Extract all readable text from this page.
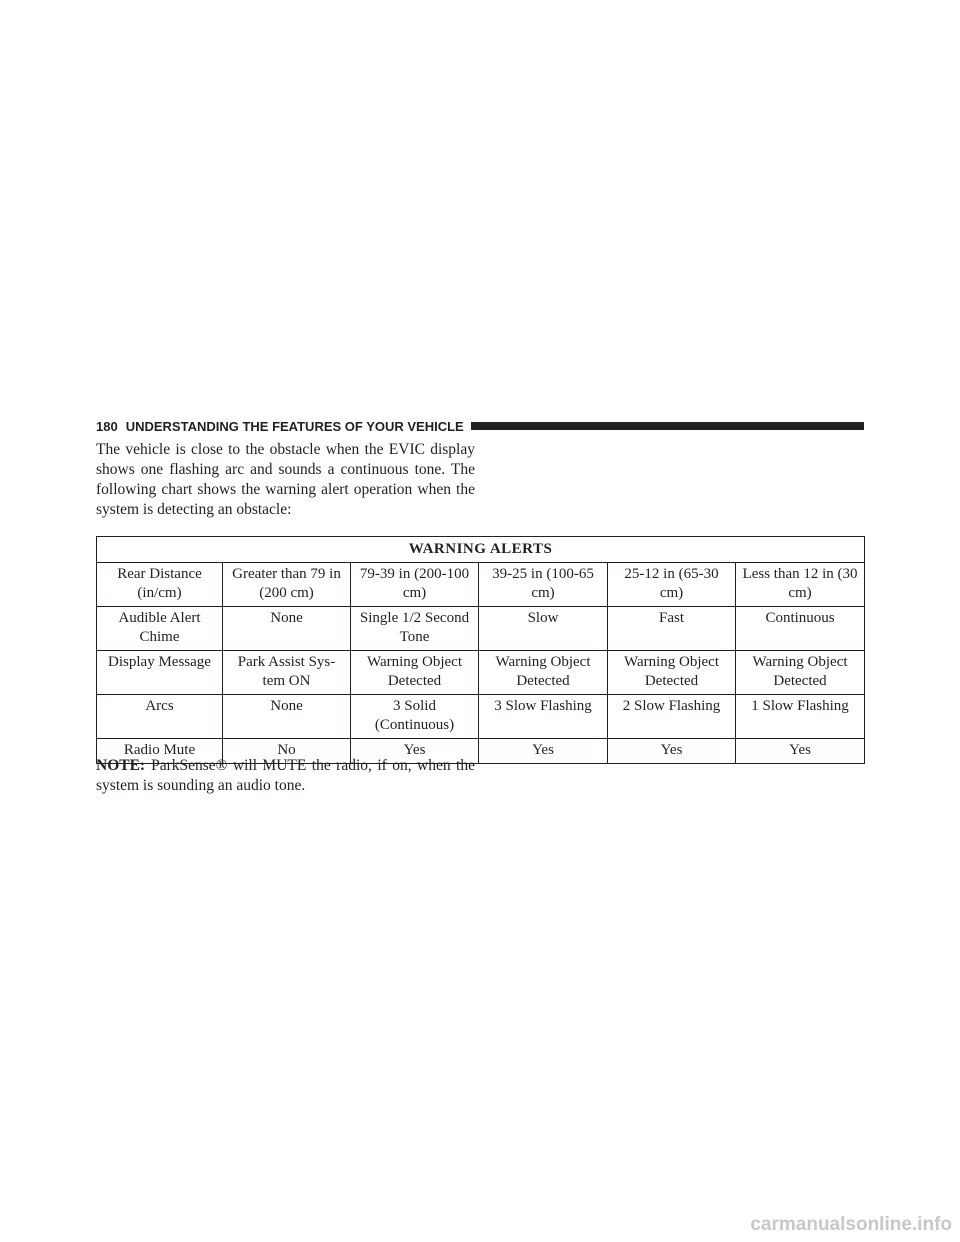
180 UNDERSTANDING THE FEATURES OF YOUR VEHICLE

The vehicle is close to the obstacle when the EVIC display shows one flashing arc and sounds a continuous tone. The following chart shows the warning alert operation when the system is detecting an obstacle:

WARNING ALERTS					
Rear Distance (in/cm)	Greater than 79 in (200 cm)	79-39 in (200-100 cm)	39-25 in (100-65 cm)	25-12 in (65-30 cm)	Less than 12 in (30 cm)
Audible Alert Chime	None	Single 1/2 Second Tone	Slow	Fast	Continuous
Display Message	Park Assist Sys- tem ON	Warning Object Detected	Warning Object Detected	Warning Object Detected	Warning Object Detected
Arcs	None	3 Solid (Continuous)	3 Slow Flashing	2 Slow Flashing	1 Slow Flashing
Radio Mute	No	Yes	Yes	Yes	Yes

NOTE: ParkSense® will MUTE the radio, if on, when the system is sounding an audio tone.

carmanualsonline.info
